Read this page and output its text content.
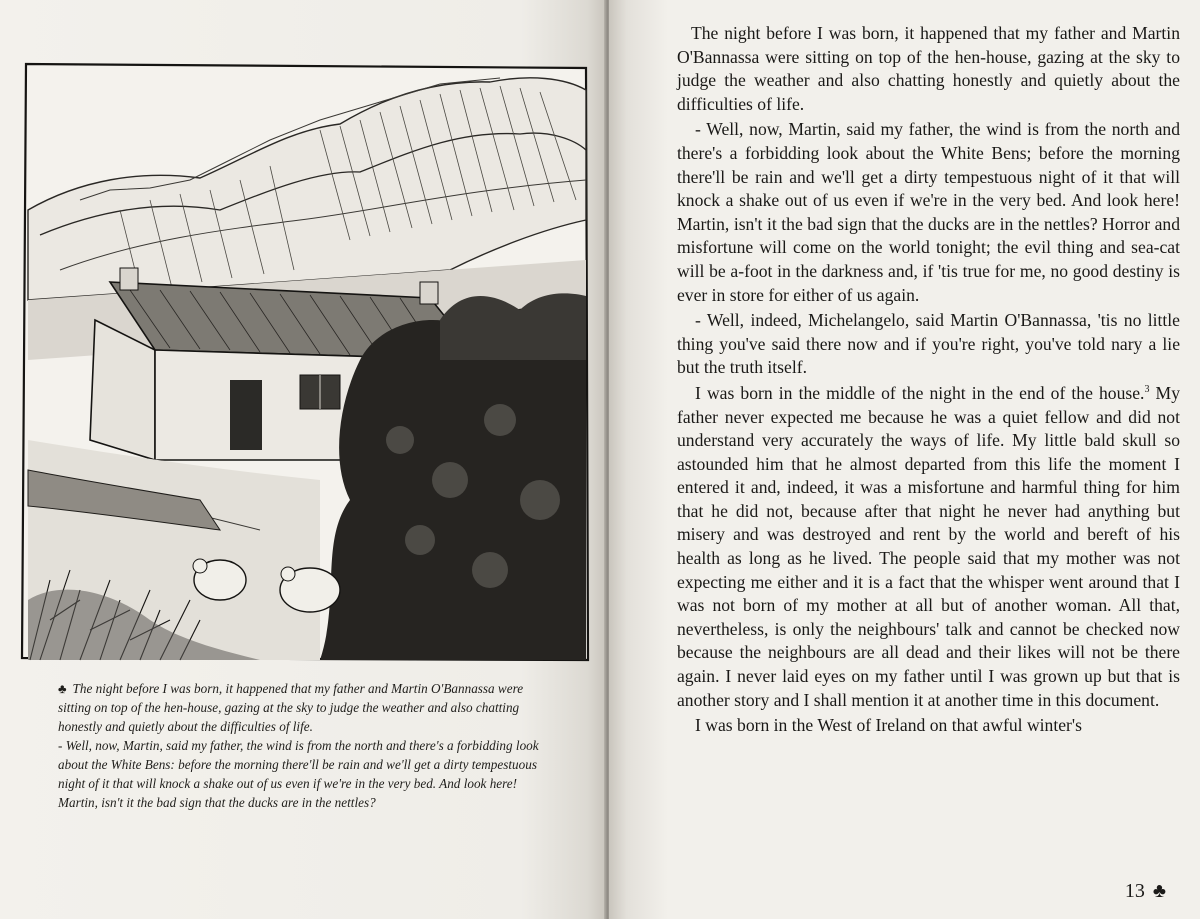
♣ The night before I was born, it happened that my father and Martin O'Bannassa were sitting on top of the hen-house, gazing at the sky to judge the weather and also chatting honestly and quietly about the difficulties of life.

- Well, now, Martin, said my father, the wind is from the north and there's a forbidding look about the White Bens: before the morning there'll be rain and we'll get a dirty tempestuous night of it that will knock a shake out of us even if we're in the very bed. And look here! Martin, isn't it the bad sign that the ducks are in the nettles?

The night before I was born, it happened that my father and Martin O'Bannassa were sitting on top of the hen-house, gazing at the sky to judge the weather and also chatting honestly and quietly about the difficulties of life.

- Well, now, Martin, said my father, the wind is from the north and there's a forbidding look about the White Bens; before the morning there'll be rain and we'll get a dirty tempestuous night of it that will knock a shake out of us even if we're in the very bed. And look here! Martin, isn't it the bad sign that the ducks are in the nettles? Horror and misfortune will come on the world tonight; the evil thing and sea-cat will be a-foot in the darkness and, if 'tis true for me, no good destiny is ever in store for either of us again.

- Well, indeed, Michelangelo, said Martin O'Bannassa, 'tis no little thing you've said there now and if you're right, you've told nary a lie but the truth itself.

I was born in the middle of the night in the end of the house.$^3$ My father never expected me because he was a quiet fellow and did not understand very accurately the ways of life. My little bald skull so astounded him that he almost departed from this life the moment I entered it and, indeed, it was a misfortune and harmful thing for him that he did not, because after that night he never had anything but misery and was destroyed and rent by the world and bereft of his health as long as he lived. The people said that my mother was not expecting me either and it is a fact that the whisper went around that I was not born of my mother at all but of another woman. All that, nevertheless, is only the neighbours' talk and cannot be checked now because the neighbours are all dead and their likes will not be there again. I never laid eyes on my father until I was grown up but that is another story and I shall mention it at another time in this document.

I was born in the West of Ireland on that awful winter's

13 ♣
